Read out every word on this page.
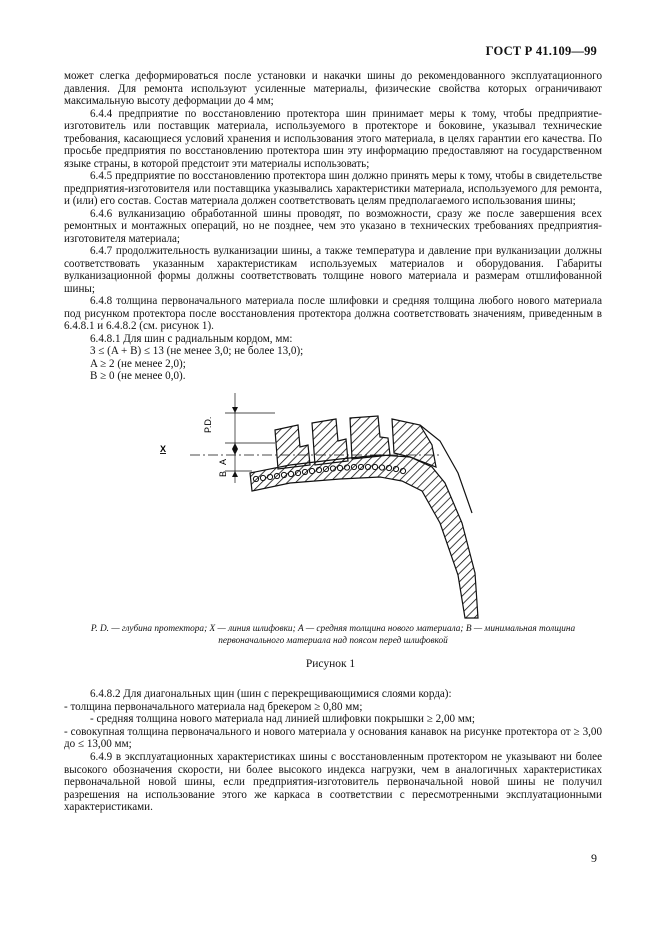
ГОСТ Р 41.109—99

может слегка деформироваться после установки и накачки шины до рекомендованного эксплуатационного давления. Для ремонта используют усиленные материалы, физические свойства которых ограничивают максимальную высоту деформации до 4 мм;

6.4.4 предприятие по восстановлению протектора шин принимает меры к тому, чтобы предприятие-изготовитель или поставщик материала, используемого в протекторе и боковине, указывал технические требования, касающиеся условий хранения и использования этого материала, в целях гарантии его качества. По просьбе предприятия по восстановлению протектора шин эту информацию предоставляют на государственном языке страны, в которой предстоит эти материалы использовать;

6.4.5 предприятие по восстановлению протектора шин должно принять меры к тому, чтобы в свидетельстве предприятия-изготовителя или поставщика указывались характеристики материала, используемого для ремонта, и (или) его состав. Состав материала должен соответствовать целям предполагаемого использования шины;

6.4.6 вулканизацию обработанной шины проводят, по возможности, сразу же после завершения всех ремонтных и монтажных операций, но не позднее, чем это указано в технических требованиях предприятия-изготовителя материала;

6.4.7 продолжительность вулканизации шины, а также температура и давление при вулканизации должны соответствовать указанным характеристикам используемых материалов и оборудования. Габариты вулканизационной формы должны соответствовать толщине нового материала и размерам отшлифованной шины;

6.4.8 толщина первоначального материала после шлифовки и средняя толщина любого нового материала под рисунком протектора после восстановления протектора должна соответствовать значениям, приведенным в 6.4.8.1 и 6.4.8.2 (см. рисунок 1).

6.4.8.1 Для шин с радиальным кордом, мм:

3 ≤ (A + B) ≤ 13 (не менее 3,0; не более 13,0);

A ≥ 2 (не менее 2,0);

B ≥ 0 (не менее 0,0).

P.D.
X
A
B
P. D. — глубина протектора; X — линия шлифовки; A — средняя толщина нового материала; B — минимальная толщина первоначального материала над поясом перед шлифовкой
Рисунок 1

6.4.8.2 Для диагональных щин (шин с перекрещивающимися слоями корда):

- толщина первоначального материала над брекером ≥ 0,80 мм;

- средняя толщина нового материала над линией шлифовки покрышки ≥ 2,00 мм;

- совокупная толщина первоначального и нового материала у основания канавок на рисунке протектора от ≥ 3,00 до ≤ 13,00 мм;

6.4.9 в эксплуатационных характеристиках шины с восстановленным протектором не указывают ни более высокого обозначения скорости, ни более высокого индекса нагрузки, чем в аналогичных характеристиках первоначальной новой шины, если предприятия-изготовитель первоначальной новой шины не получил разрешения на использование этого же каркаса в соответствии с пересмотренными эксплуатационными характеристиками.

9
